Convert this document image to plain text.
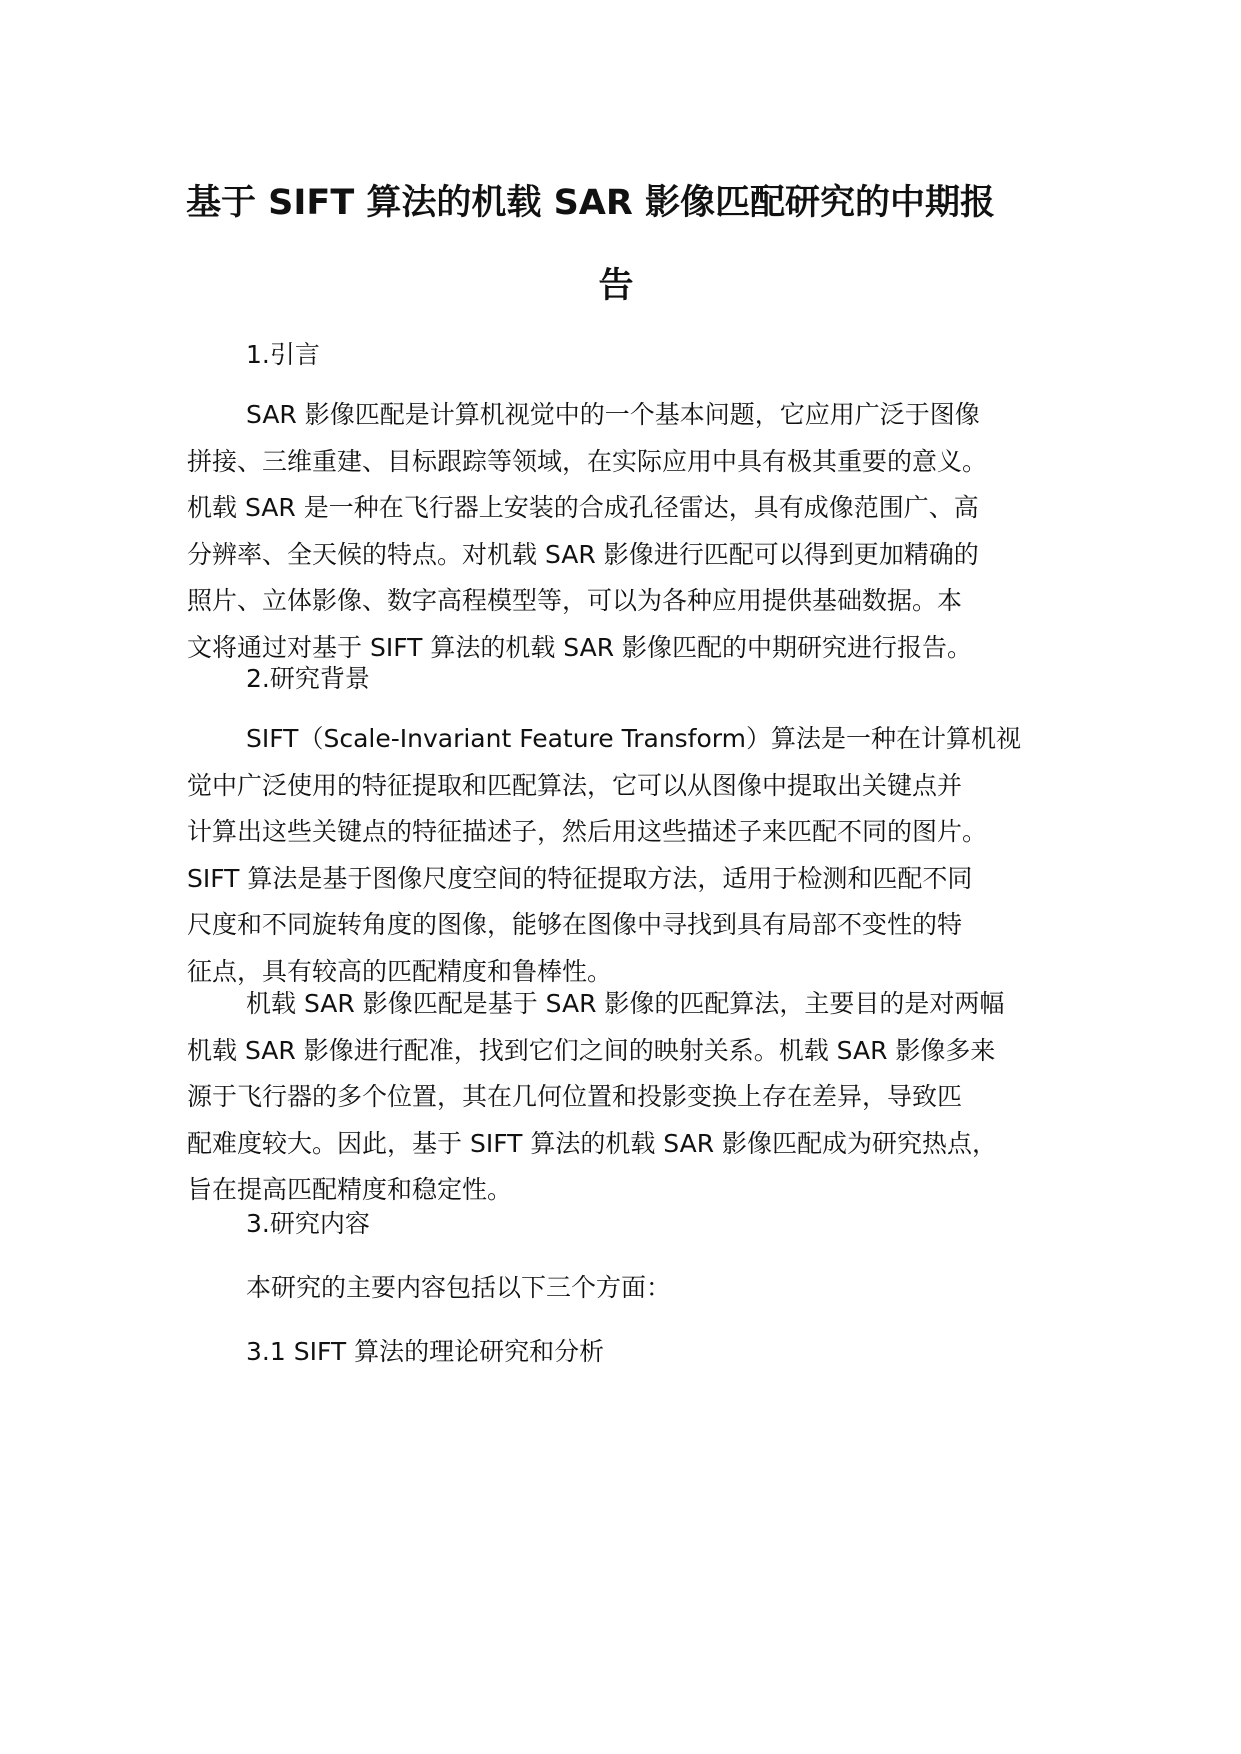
基于 SIFT 算法的机载 SAR 影像匹配研究的中期报
告
1.引言
SAR 影像匹配是计算机视觉中的一个基本问题，它应用广泛于图像
拼接、三维重建、目标跟踪等领域，在实际应用中具有极其重要的意义。
机载 SAR 是一种在飞行器上安装的合成孔径雷达，具有成像范围广、高
分辨率、全天候的特点。对机载 SAR 影像进行匹配可以得到更加精确的
照片、立体影像、数字高程模型等，可以为各种应用提供基础数据。本
文将通过对基于 SIFT 算法的机载 SAR 影像匹配的中期研究进行报告。
2.研究背景
SIFT（Scale-Invariant Feature Transform）算法是一种在计算机视
觉中广泛使用的特征提取和匹配算法，它可以从图像中提取出关键点并
计算出这些关键点的特征描述子，然后用这些描述子来匹配不同的图片。
SIFT 算法是基于图像尺度空间的特征提取方法，适用于检测和匹配不同
尺度和不同旋转角度的图像，能够在图像中寻找到具有局部不变性的特
征点，具有较高的匹配精度和鲁棒性。
机载 SAR 影像匹配是基于 SAR 影像的匹配算法，主要目的是对两幅
机载 SAR 影像进行配准，找到它们之间的映射关系。机载 SAR 影像多来
源于飞行器的多个位置，其在几何位置和投影变换上存在差异，导致匹
配难度较大。因此，基于 SIFT 算法的机载 SAR 影像匹配成为研究热点，
旨在提高匹配精度和稳定性。
3.研究内容
本研究的主要内容包括以下三个方面：
3.1 SIFT 算法的理论研究和分析
